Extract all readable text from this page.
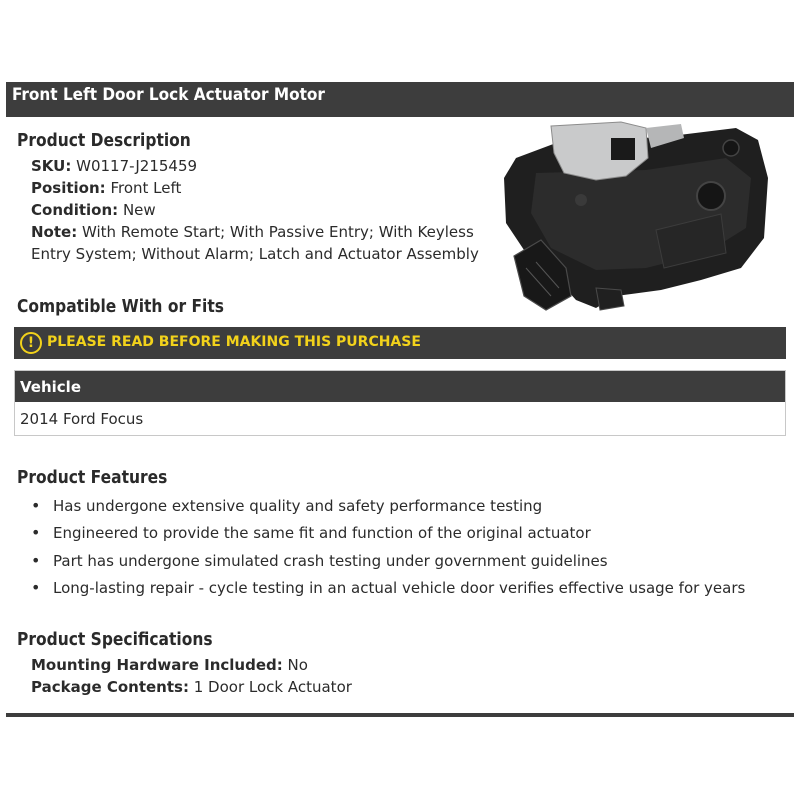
Front Left Door Lock Actuator Motor
Product Description
SKU: W0117-J215459
Position: Front Left
Condition: New
Note: With Remote Start; With Passive Entry; With Keyless
Entry System; Without Alarm; Latch and Actuator Assembly
Compatible With or Fits
! PLEASE READ BEFORE MAKING THIS PURCHASE
Vehicle
2014 Ford Focus
Product Features
• Has undergone extensive quality and safety performance testing
• Engineered to provide the same fit and function of the original actuator
• Part has undergone simulated crash testing under government guidelines
• Long-lasting repair - cycle testing in an actual vehicle door verifies effective usage for years
Product Specifications
Mounting Hardware Included: No
Package Contents: 1 Door Lock Actuator
